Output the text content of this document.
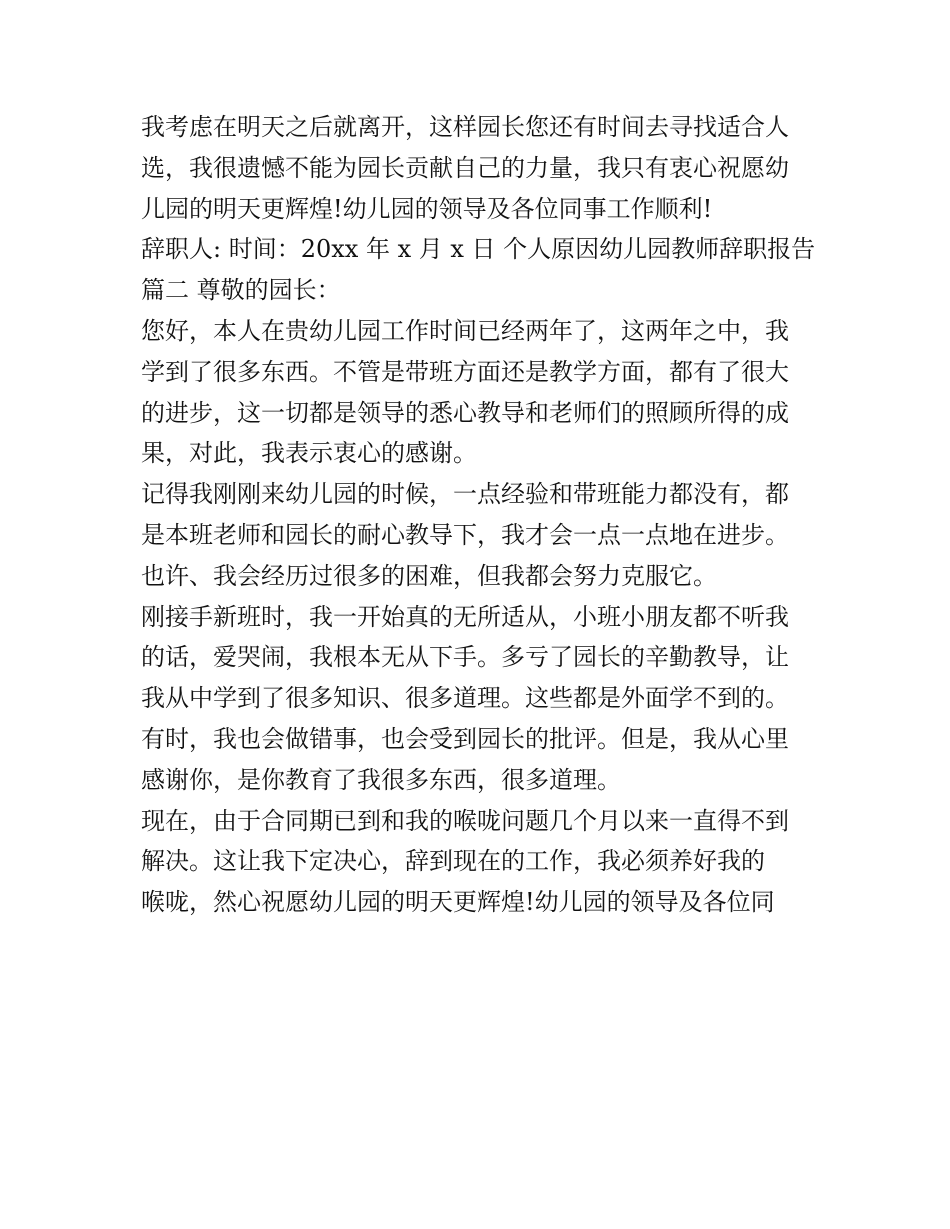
我考虑在明天之后就离开，这样园长您还有时间去寻找适合人
选，我很遗憾不能为园长贡献自己的力量，我只有衷心祝愿幼
儿园的明天更辉煌!幼儿园的领导及各位同事工作顺利!
辞职人: 时间：20xx 年 x 月 x 日 个人原因幼儿园教师辞职报告
篇二 尊敬的园长：
您好，本人在贵幼儿园工作时间已经两年了，这两年之中，我
学到了很多东西。不管是带班方面还是教学方面，都有了很大
的进步，这一切都是领导的悉心教导和老师们的照顾所得的成
果，对此，我表示衷心的感谢。
记得我刚刚来幼儿园的时候，一点经验和带班能力都没有，都
是本班老师和园长的耐心教导下，我才会一点一点地在进步。
也许、我会经历过很多的困难，但我都会努力克服它。
刚接手新班时，我一开始真的无所适从，小班小朋友都不听我
的话，爱哭闹，我根本无从下手。多亏了园长的辛勤教导，让
我从中学到了很多知识、很多道理。这些都是外面学不到的。
有时，我也会做错事，也会受到园长的批评。但是，我从心里
感谢你，是你教育了我很多东西，很多道理。
现在，由于合同期已到和我的喉咙问题几个月以来一直得不到
解决。这让我下定决心，辞到现在的工作，我必须养好我的
喉咙，然心祝愿幼儿园的明天更辉煌!幼儿园的领导及各位同
